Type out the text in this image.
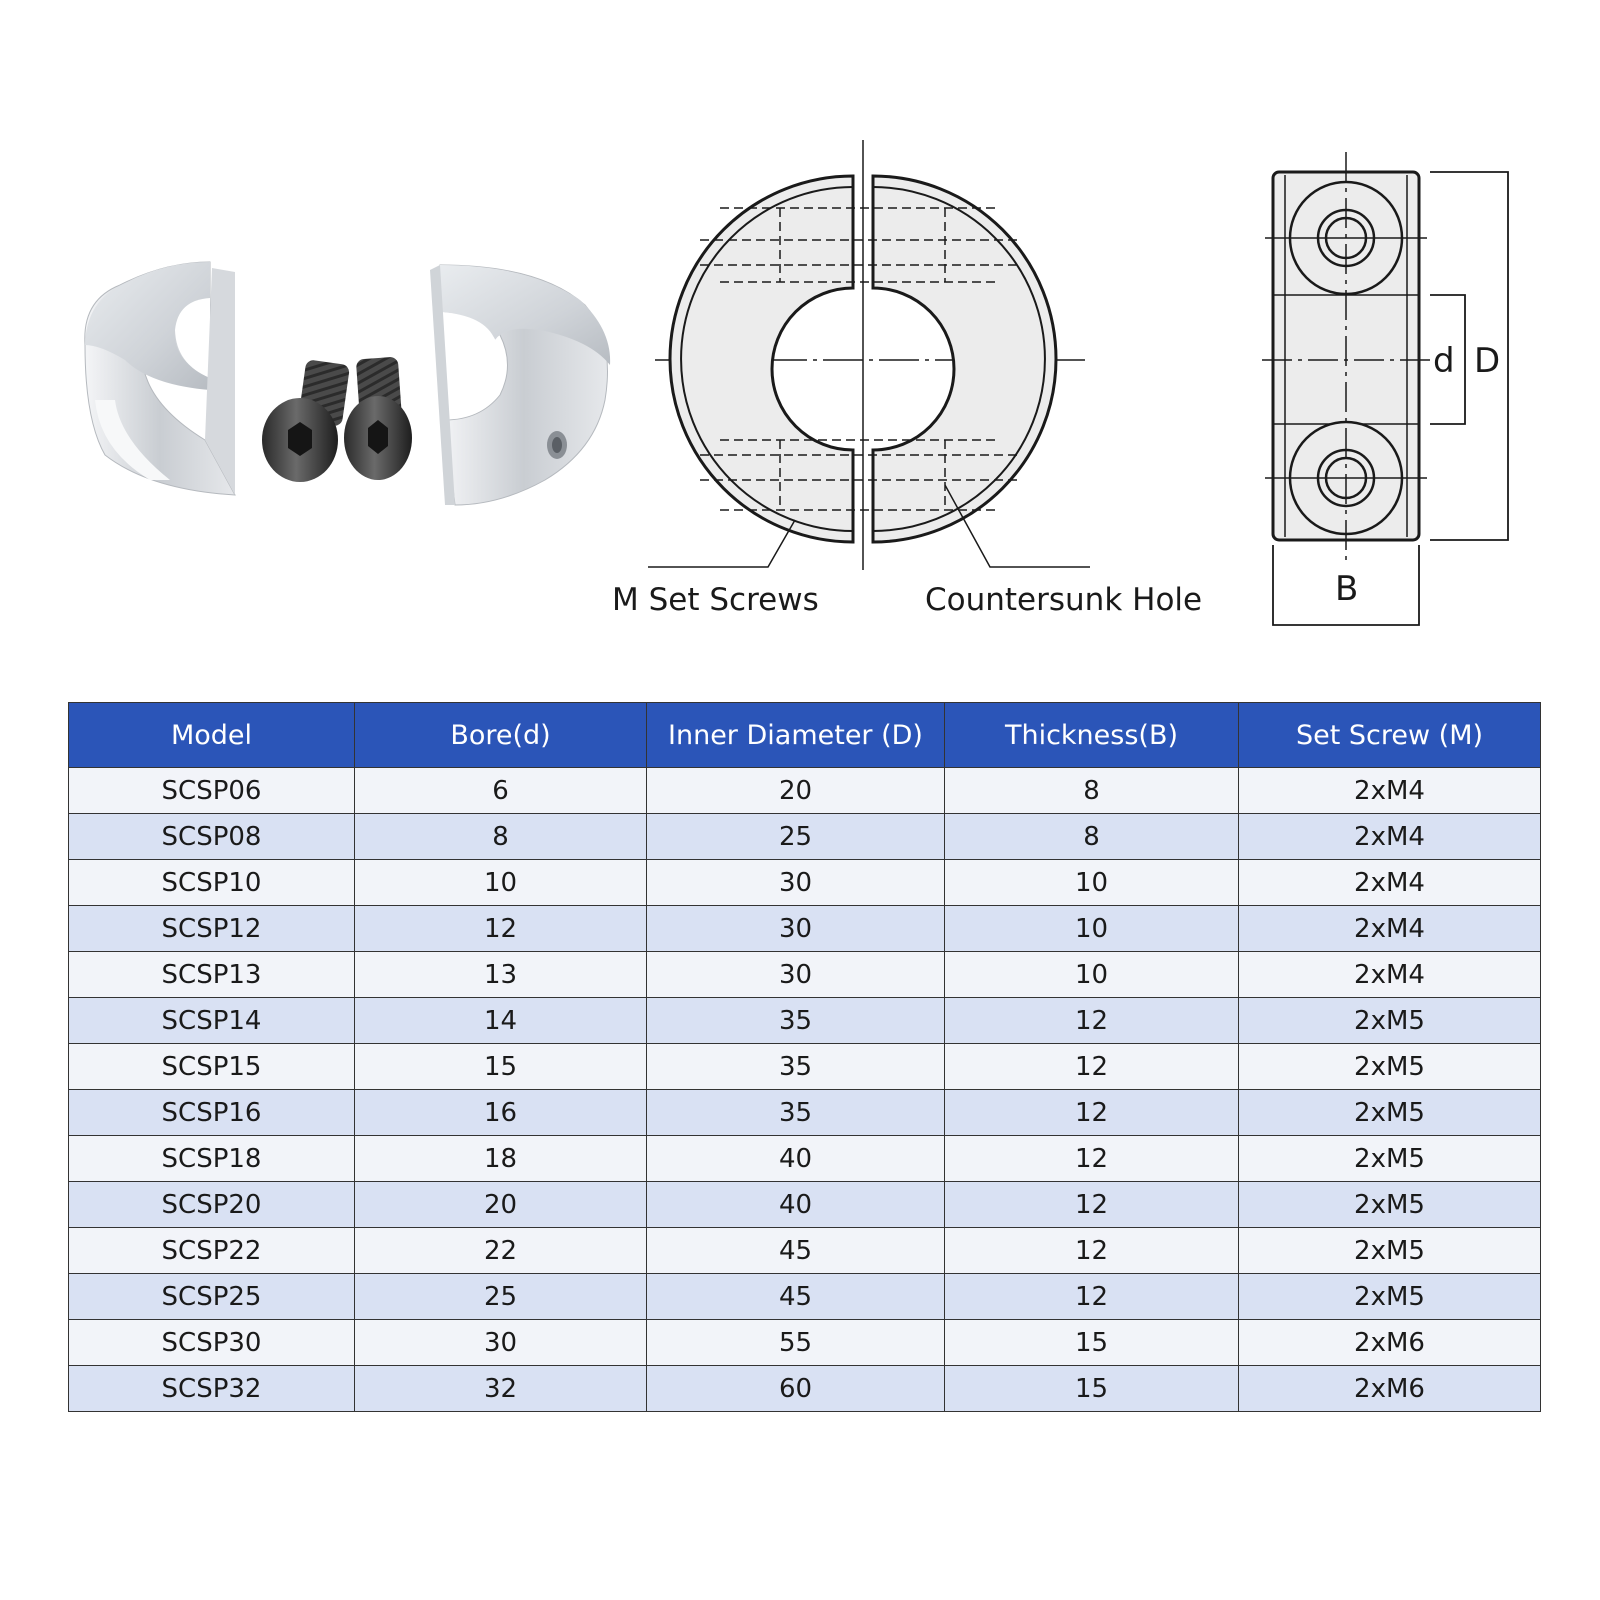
M Set Screws	Countersunk Hole
d D
B
Model	Bore(d)	Inner Diameter (D)	Thickness(B)	Set Screw (M)
SCSP06	6	20	8	2xM4
SCSP08	8	25	8	2xM4
SCSP10	10	30	10	2xM4
SCSP12	12	30	10	2xM4
SCSP13	13	30	10	2xM4
SCSP14	14	35	12	2xM5
SCSP15	15	35	12	2xM5
SCSP16	16	35	12	2xM5
SCSP18	18	40	12	2xM5
SCSP20	20	40	12	2xM5
SCSP22	22	45	12	2xM5
SCSP25	25	45	12	2xM5
SCSP30	30	55	15	2xM6
SCSP32	32	60	15	2xM6
